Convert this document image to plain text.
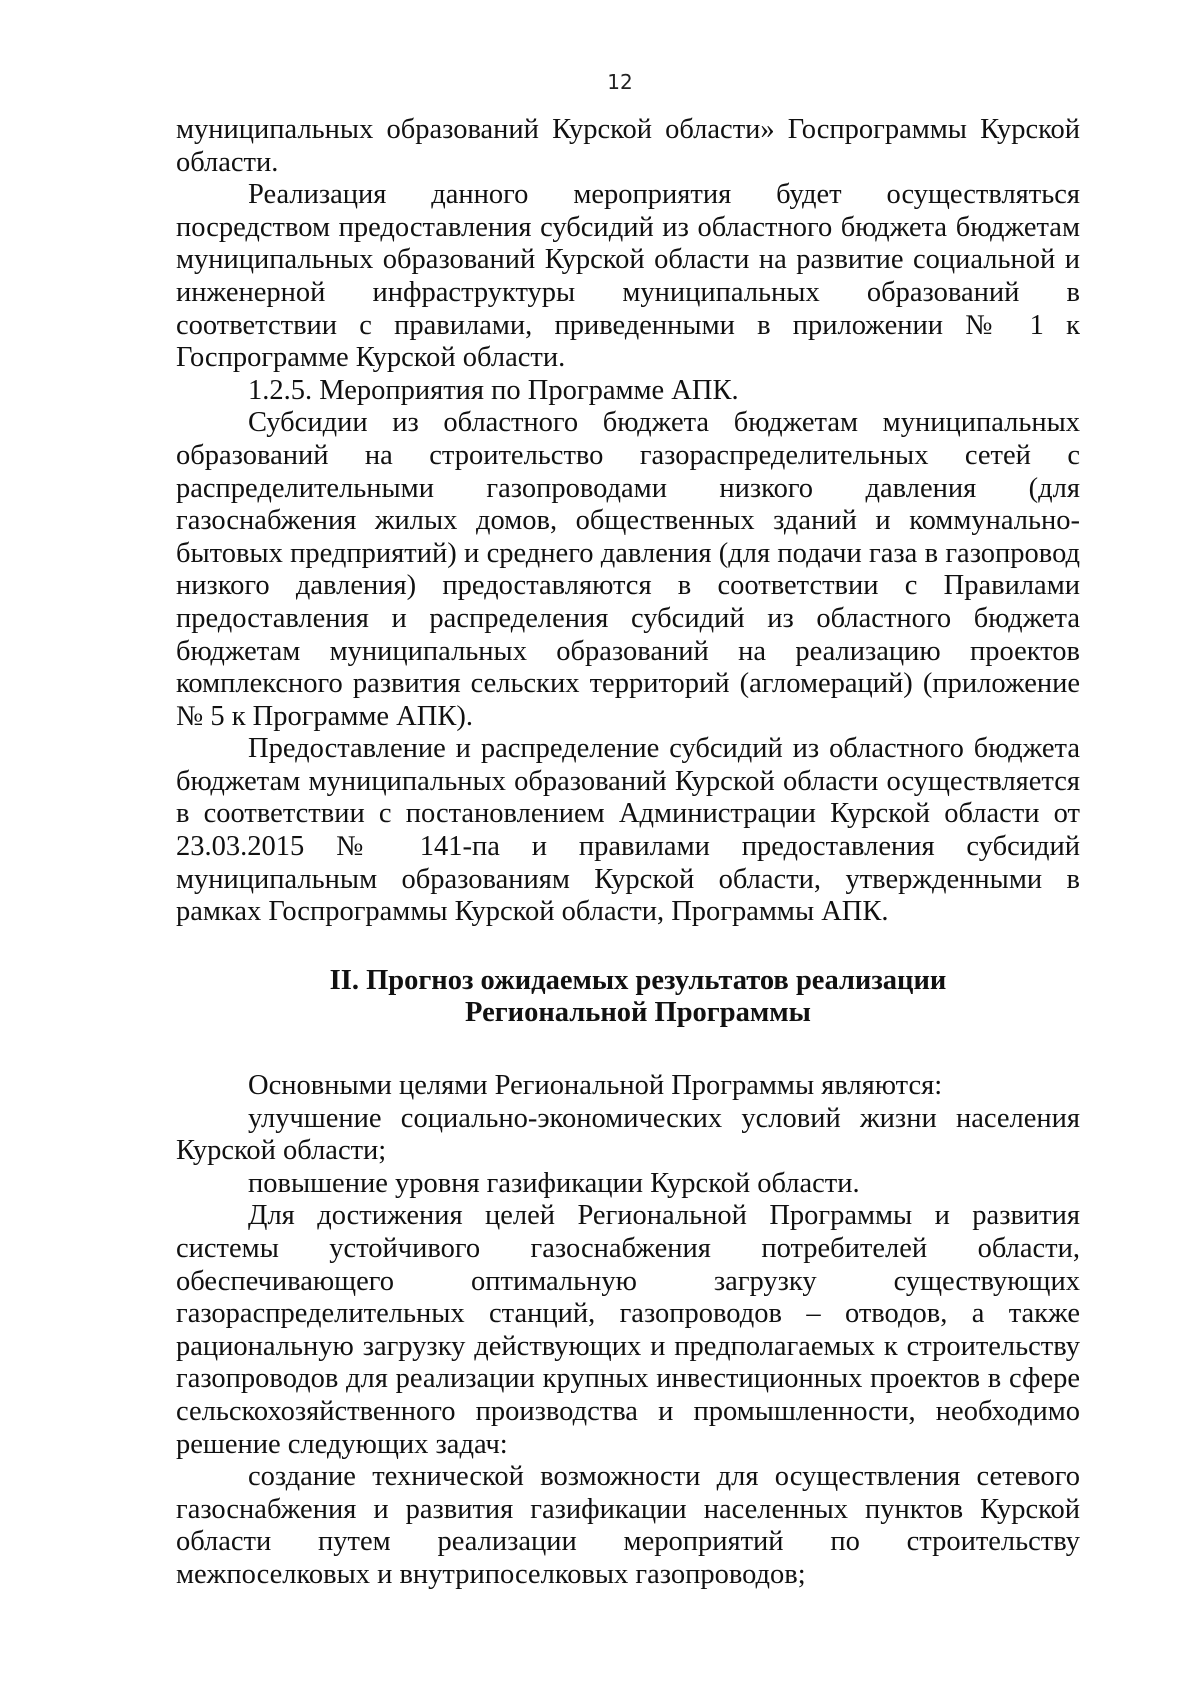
12

муниципальных образований Курской области» Госпрограммы Курской области.

Реализация данного мероприятия будет осуществляться посредством предоставления субсидий из областного бюджета бюджетам муниципальных образований Курской области на развитие социальной и инженерной инфраструктуры муниципальных образований в соответствии с правилами, приведенными в приложении № 1 к Госпрограмме Курской области.

1.2.5. Мероприятия по Программе АПК.

Субсидии из областного бюджета бюджетам муниципальных образований на строительство газораспределительных сетей с распределительными газопроводами низкого давления (для газоснабжения жилых домов, общественных зданий и коммунально-бытовых предприятий) и среднего давления (для подачи газа в газопровод низкого давления) предоставляются в соответствии с Правилами предоставления и распределения субсидий из областного бюджета бюджетам муниципальных образований на реализацию проектов комплексного развития сельских территорий (агломераций) (приложение № 5 к Программе АПК).

Предоставление и распределение субсидий из областного бюджета бюджетам муниципальных образований Курской области осуществляется в соответствии с постановлением Администрации Курской области от 23.03.2015 № 141-па и правилами предоставления субсидий муниципальным образованиям Курской области, утвержденными в рамках Госпрограммы Курской области, Программы АПК.

II. Прогноз ожидаемых результатов реализации

Региональной Программы

Основными целями Региональной Программы являются:

улучшение социально-экономических условий жизни населения Курской области;

повышение уровня газификации Курской области.

Для достижения целей Региональной Программы и развития системы устойчивого газоснабжения потребителей области, обеспечивающего оптимальную загрузку существующих газораспределительных станций, газопроводов – отводов, а также рациональную загрузку действующих и предполагаемых к строительству газопроводов для реализации крупных инвестиционных проектов в сфере сельскохозяйственного производства и промышленности, необходимо решение следующих задач:

создание технической возможности для осуществления сетевого газоснабжения и развития газификации населенных пунктов Курской области путем реализации мероприятий по строительству межпоселковых и внутрипоселковых газопроводов;
